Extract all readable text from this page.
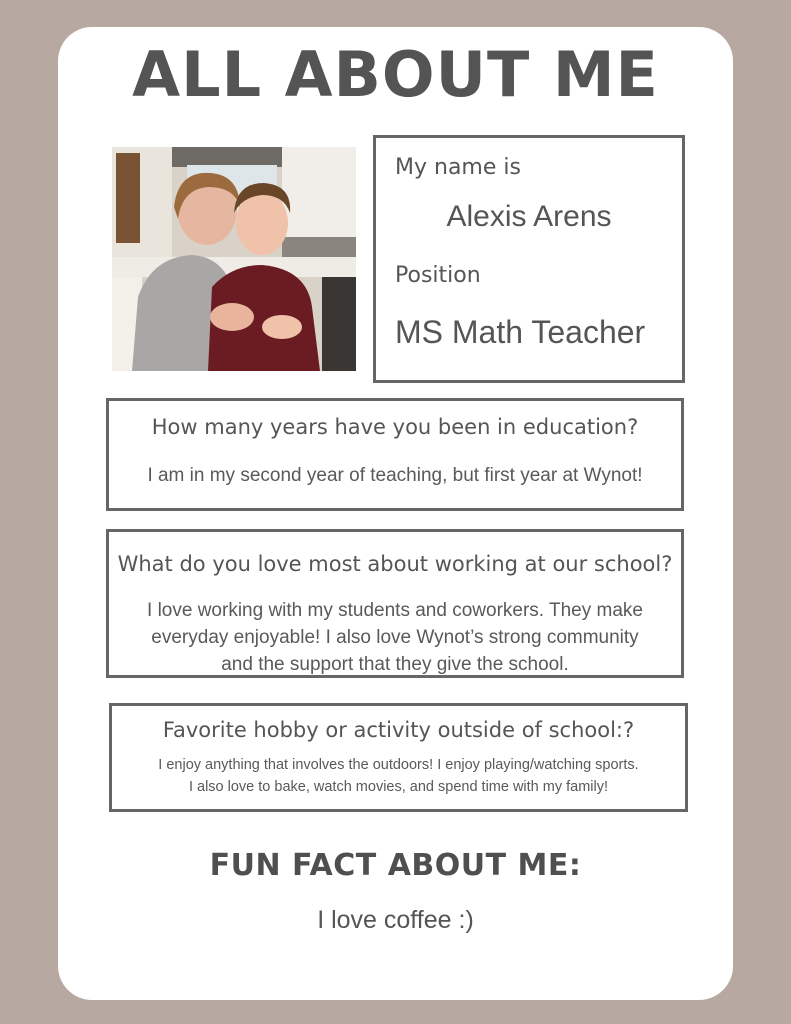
ALL ABOUT ME
My name is
Alexis Arens
Position
MS Math Teacher
How many years have you been in education?
I am in my second year of teaching, but first year at Wynot!
What do you love most about working at our school?
I love working with my students and coworkers. They make
everyday enjoyable! I also love Wynot’s strong community
and the support that they give the school.
Favorite hobby or activity outside of school:?
I enjoy anything that involves the outdoors! I enjoy playing/watching sports.
I also love to bake, watch movies, and spend time with my family!
FUN FACT ABOUT ME:
I love coffee :)
